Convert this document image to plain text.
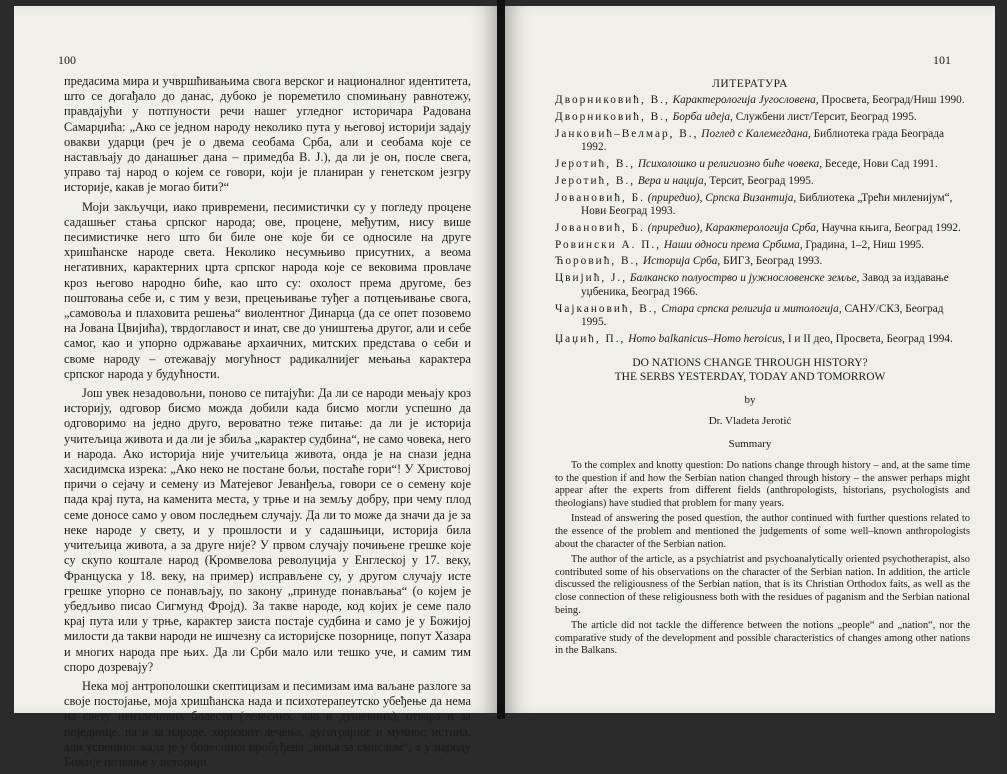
100

предасима мира и учвршћивањима свога верског и националног идентитета, што се догађало до данас, дубоко је пореметило спомињану равнотежу, правдајући у потпуности речи нашег угледног историчара Радована Самарџића: „Ако се једном народу неколико пута у његовој историји задају овакви ударци (реч је о двема сеобама Срба, али и сеобама које се настављају до данашњег дана – примедба В. Ј.), да ли је он, после свега, управо тај народ о којем се говори, који је планиран у генетском језгру историје, какав је могао бити?“

Моји закључци, иако привремени, песимистички су у погледу процене садашњег стања српског народа; ове, процене, међутим, нису више песимистичке него што би биле оне које би се односиле на друге хришћанске народе света. Неколико несумњиво присутних, а веома негативних, карактерних црта српског народа које се вековима провлаче кроз његово народно биће, као што су: охолост према другоме, без поштовања себе и, с тим у вези, прецењивање туђег а потцењивање свога, „самовоља и плаховита решења“ виолентног Динарца (да се опет позовемо на Јована Цвијића), тврдоглавост и инат, све до уништења другог, али и себе самог, као и упорно одржавање архаичних, митских представа о себи и своме народу – отежавају могућност радикалнијег мењања карактера српског народа у будућности.

Још увек незадовољни, поново се питајући: Да ли се народи мењају кроз историју, одговор бисмо можда добили када бисмо могли успешно да одговоримо на једно друго, вероватно теже питање: да ли је историја учитељица живота и да ли је збиља „карактер судбина“, не само човека, него и народа. Ако историја није учитељица живота, онда је на снази једна хасидимска изрека: „Ако неко не постане бољи, постаће гори“! У Христовој причи о сејачу и семену из Матејевог Јеванђеља, говори се о семену које пада крај пута, на каменита места, у трње и на земљу добру, при чему плод семе доносе само у овом последњем случају. Да ли то може да значи да је за неке народе у свету, и у прошлости и у садашњици, историја била учитељица живота, а за друге није? У првом случају почињене грешке које су скупо коштале народ (Кромвелова револуција у Енглеској у 17. веку, Француска у 18. веку, на пример) исправљене су, у другом случају исте грешке упорно се понављају, по закону „принуде понављања“ (о којем је убедљиво писао Сигмунд Фројд). За такве народе, код којих је семе пало крај пута или у трње, карактер заиста постаје судбина и само је у Божијој милости да такви народи не ишчезну са историјске позорнице, попут Хазара и многих народа пре њих. Да ли Срби мало или тешко уче, и самим тим споро дозревају?

Нека мој антрополошки скептицизам и песимизам има ваљане разлоге за своје постојање, моја хришћанска нада и психотерапеутско убеђење да нема на свету неизлечивих болести (телесних, као и душевних), отвара и за појединце, па и за народе, хоризонт лечења, дуготрајног и мучног, истина, али успешног када је у болесника пробуђена „воља за смислом“, а у народу Божије позвање у историји.

101
ЛИТЕРАТУРА
Дворниковић, В., Карактерологија Југословена, Просвета, Београд/Ниш 1990.
Дворниковић, В., Борба идеја, Службени лист/Терсит, Београд 1995.
Јанковић–Велмар, В., Поглед с Калемегдана, Библиотека града Београда 1992.
Јеротић, В., Психолошко и религиозно биће човека, Беседе, Нови Сад 1991.
Јеротић, В., Вера и нација, Терсит, Београд 1995.
Јовановић, Б. (приредио), Српска Византија, Библиотека „Трећи миленијум“, Нови Београд 1993.
Јовановић, Б. (приредио), Карактерологија Срба, Научна књига, Београд 1992.
Ровински А. П., Наши односи према Србима, Градина, 1–2, Ниш 1995.
Ћоровић, В., Историја Срба, БИГЗ, Београд 1993.
Цвијић, Ј., Балканско полуострво и јужнословенске земље, Завод за издавање уџбеника, Београд 1966.
Чајкановић, В., Стара српска религија и митологија, САНУ/СКЗ, Београд 1995.
Џаџић, П., Homo balkanicus–Homo heroicus, I и II део, Просвета, Београд 1994.
DO NATIONS CHANGE THROUGH HISTORY?
THE SERBS YESTERDAY, TODAY AND TOMORROW
by
Dr. Vladeta Jerotić
Summary

To the complex and knotty question: Do nations change through history – and, at the same time to the question if and how the Serbian nation changed through history – the answer perhaps might appear after the experts from different fields (anthropologists, historians, psychologists and theologians) have studied that problem for many years.

Instead of answering the posed question, the author continued with further questions related to the essence of the problem and mentioned the judgements of some well–known anthropologists about the character of the Serbian nation.

The author of the article, as a psychiatrist and psychoanalytically oriented psychotherapist, also contributed some of his observations on the character of the Serbian nation. In addition, the article discussed the religiousness of the Serbian nation, that is its Christian Orthodox faits, as well as the close connection of these religiousness both with the residues of paganism and the Serbian national being.

The article did not tackle the difference between the notions „people“ and „nation“, nor the comparative study of the development and possible characteristics of changes among other nations in the Balkans.
